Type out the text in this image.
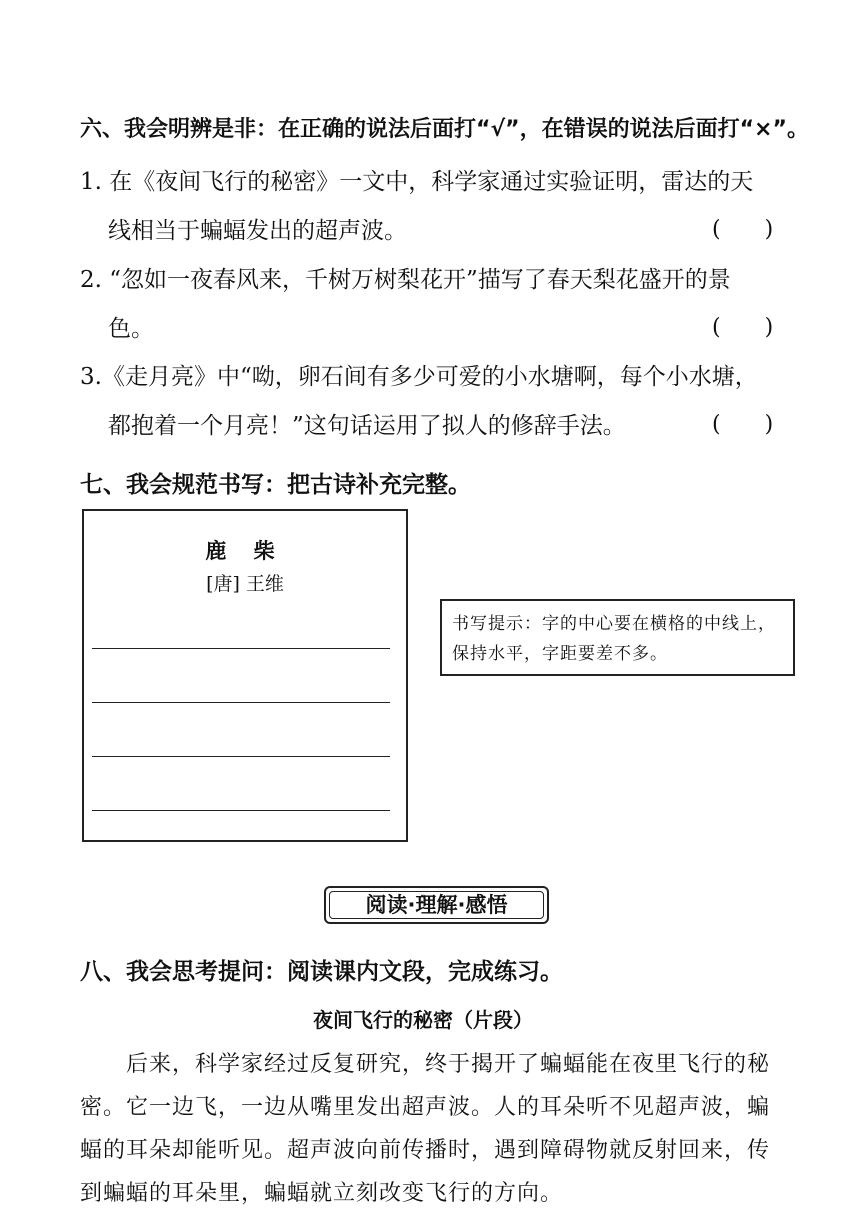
六、我会明辨是非：在正确的说法后面打“√”，在错误的说法后面打“×”。
1. 在《夜间飞行的秘密》一文中，科学家通过实验证明，雷达的天
线相当于蝙蝠发出的超声波。	(　　)
2. “忽如一夜春风来，千树万树梨花开”描写了春天梨花盛开的景
色。	(　　)
3.《走月亮》中“呦，卵石间有多少可爱的小水塘啊，每个小水塘，
都抱着一个月亮！”这句话运用了拟人的修辞手法。	(　　)
七、我会规范书写：把古诗补充完整。
鹿 柴
[唐] 王维
书写提示：字的中心要在横格的中线上，保持水平，字距要差不多。
阅读·理解·感悟
八、我会思考提问：阅读课内文段，完成练习。
夜间飞行的秘密（片段）
后来，科学家经过反复研究，终于揭开了蝙蝠能在夜里飞行的秘
密。它一边飞，一边从嘴里发出超声波。人的耳朵听不见超声波，蝙
蝠的耳朵却能听见。超声波向前传播时，遇到障碍物就反射回来，传
到蝙蝠的耳朵里，蝙蝠就立刻改变飞行的方向。
